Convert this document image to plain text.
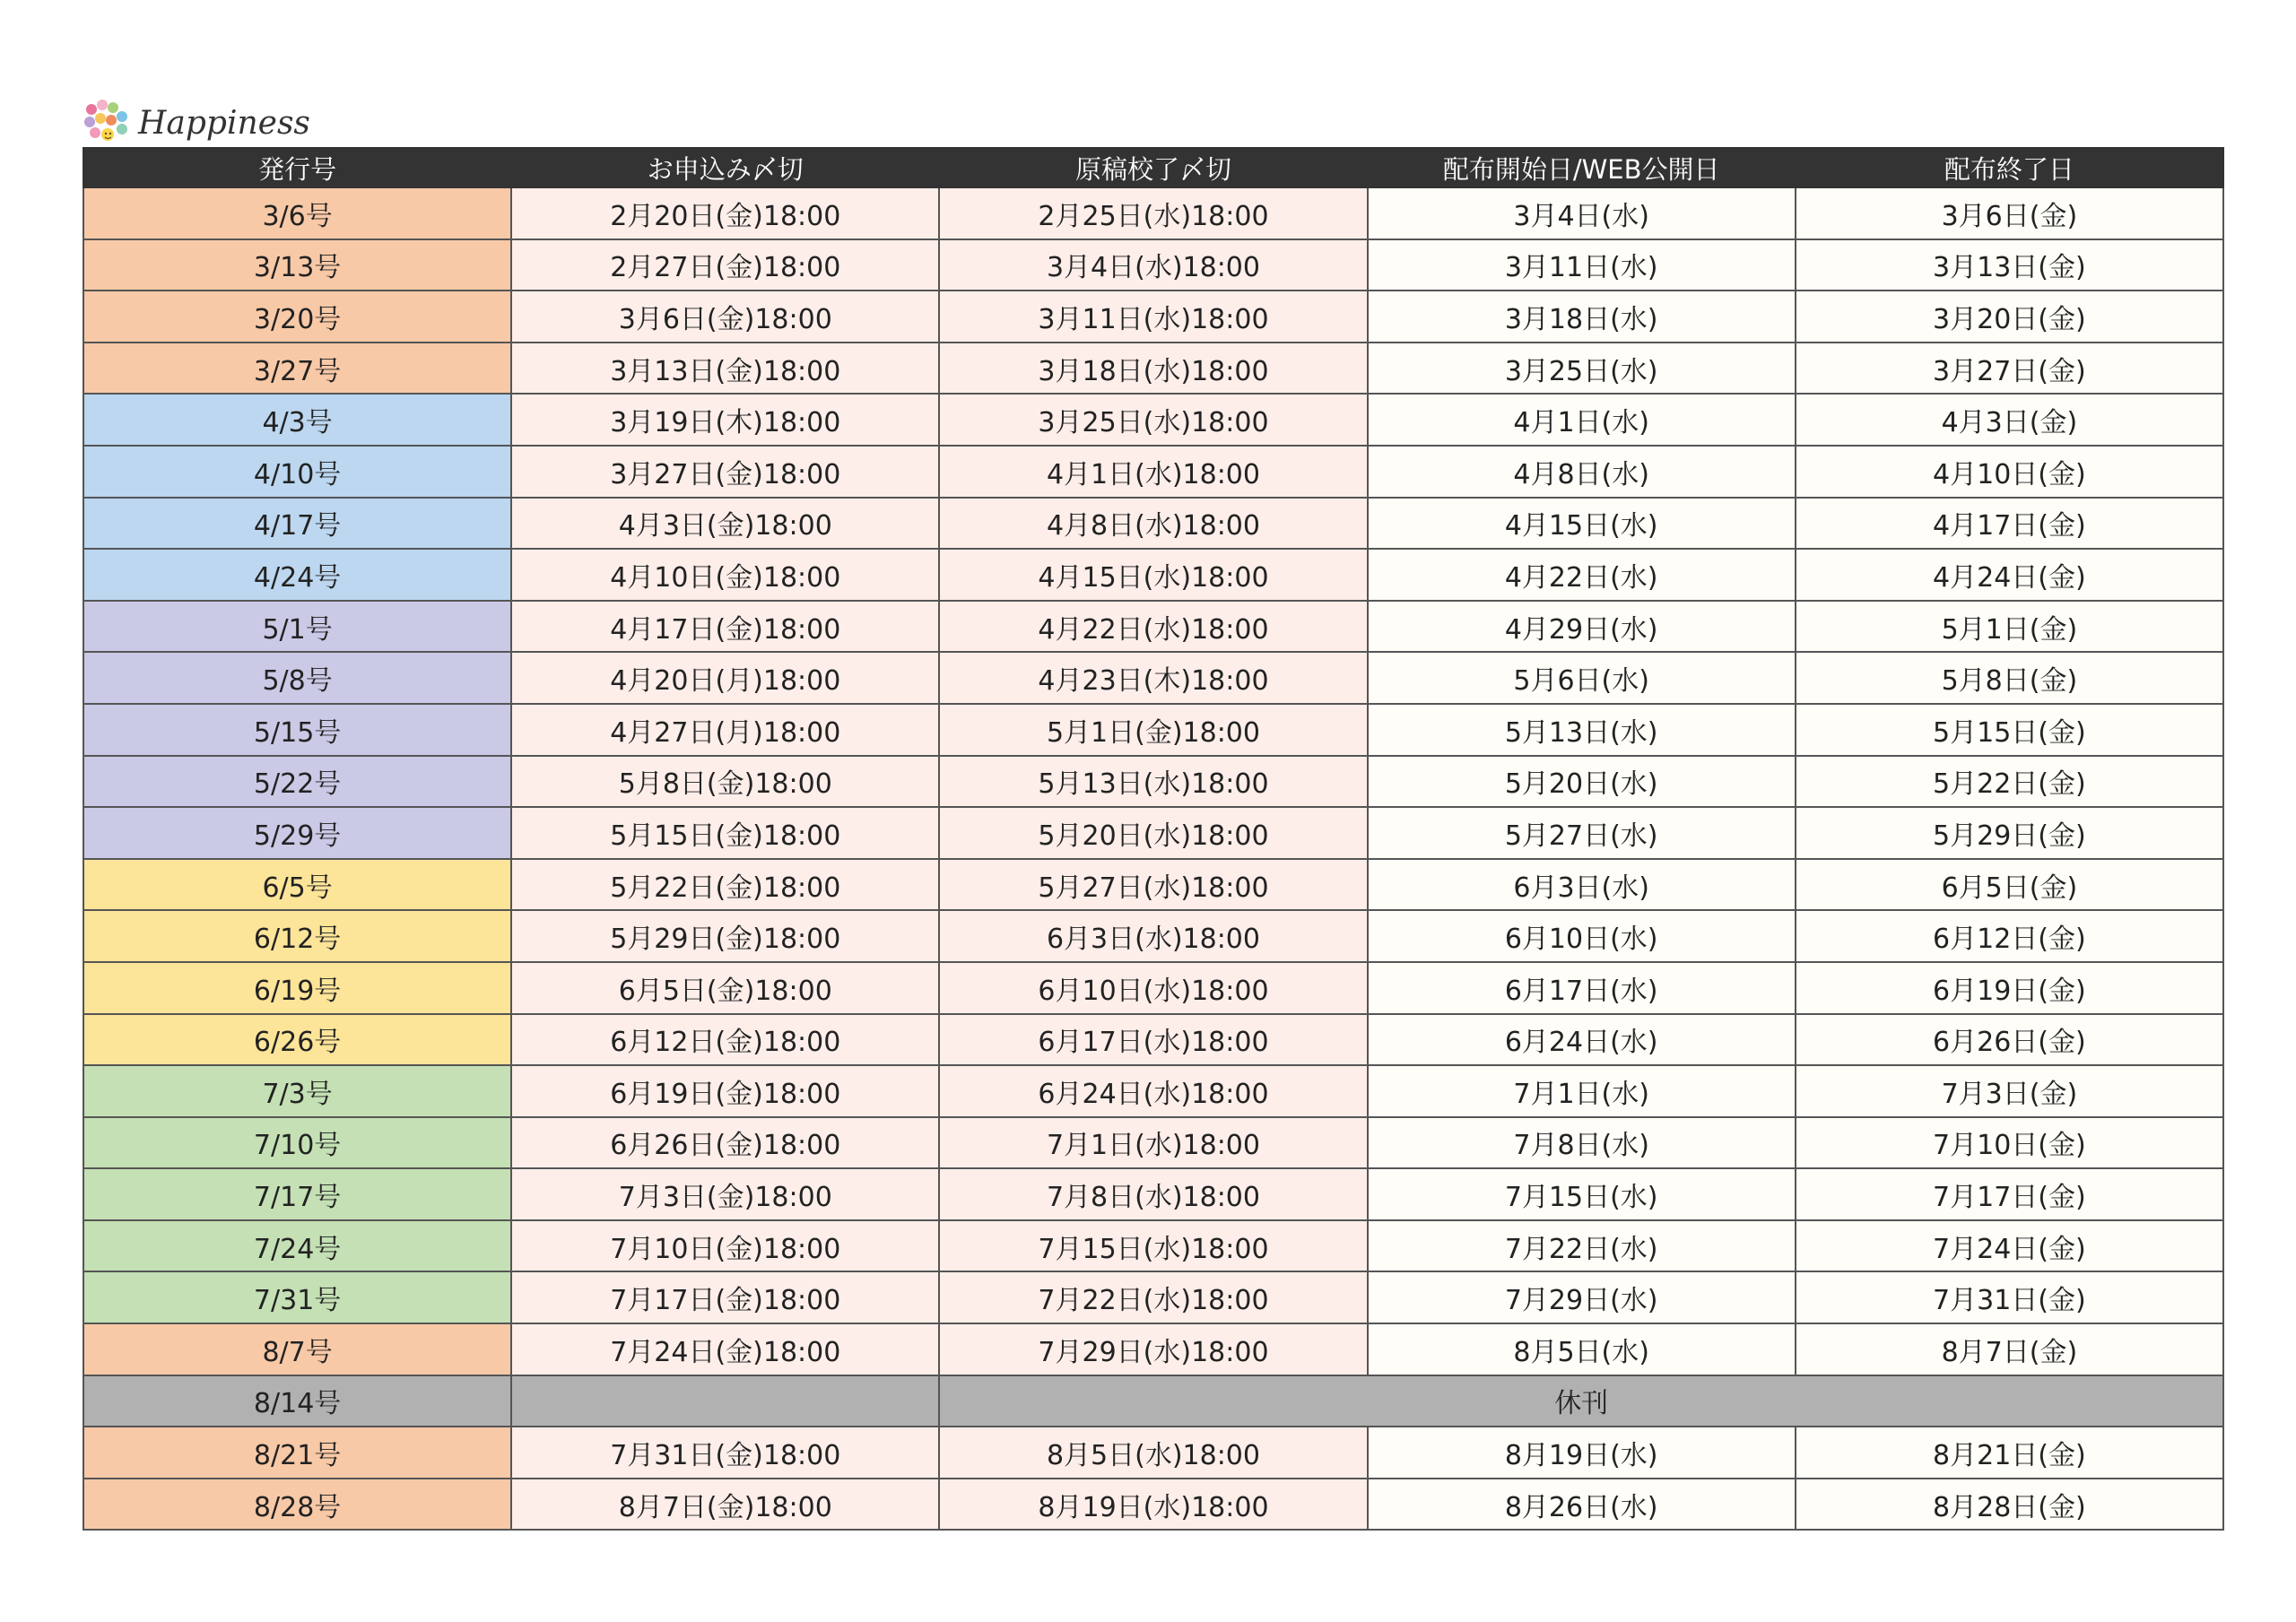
Happiness
発行号	お申込み〆切	原稿校了〆切	配布開始日/WEB公開日	配布終了日
3/6号	2月20日(金)18:00	2月25日(水)18:00	3月4日(水)	3月6日(金)
3/13号	2月27日(金)18:00	3月4日(水)18:00	3月11日(水)	3月13日(金)
3/20号	3月6日(金)18:00	3月11日(水)18:00	3月18日(水)	3月20日(金)
3/27号	3月13日(金)18:00	3月18日(水)18:00	3月25日(水)	3月27日(金)
4/3号	3月19日(木)18:00	3月25日(水)18:00	4月1日(水)	4月3日(金)
4/10号	3月27日(金)18:00	4月1日(水)18:00	4月8日(水)	4月10日(金)
4/17号	4月3日(金)18:00	4月8日(水)18:00	4月15日(水)	4月17日(金)
4/24号	4月10日(金)18:00	4月15日(水)18:00	4月22日(水)	4月24日(金)
5/1号	4月17日(金)18:00	4月22日(水)18:00	4月29日(水)	5月1日(金)
5/8号	4月20日(月)18:00	4月23日(木)18:00	5月6日(水)	5月8日(金)
5/15号	4月27日(月)18:00	5月1日(金)18:00	5月13日(水)	5月15日(金)
5/22号	5月8日(金)18:00	5月13日(水)18:00	5月20日(水)	5月22日(金)
5/29号	5月15日(金)18:00	5月20日(水)18:00	5月27日(水)	5月29日(金)
6/5号	5月22日(金)18:00	5月27日(水)18:00	6月3日(水)	6月5日(金)
6/12号	5月29日(金)18:00	6月3日(水)18:00	6月10日(水)	6月12日(金)
6/19号	6月5日(金)18:00	6月10日(水)18:00	6月17日(水)	6月19日(金)
6/26号	6月12日(金)18:00	6月17日(水)18:00	6月24日(水)	6月26日(金)
7/3号	6月19日(金)18:00	6月24日(水)18:00	7月1日(水)	7月3日(金)
7/10号	6月26日(金)18:00	7月1日(水)18:00	7月8日(水)	7月10日(金)
7/17号	7月3日(金)18:00	7月8日(水)18:00	7月15日(水)	7月17日(金)
7/24号	7月10日(金)18:00	7月15日(水)18:00	7月22日(水)	7月24日(金)
7/31号	7月17日(金)18:00	7月22日(水)18:00	7月29日(水)	7月31日(金)
8/7号	7月24日(金)18:00	7月29日(水)18:00	8月5日(水)	8月7日(金)
8/14号		休刊		
8/21号	7月31日(金)18:00	8月5日(水)18:00	8月19日(水)	8月21日(金)
8/28号	8月7日(金)18:00	8月19日(水)18:00	8月26日(水)	8月28日(金)
